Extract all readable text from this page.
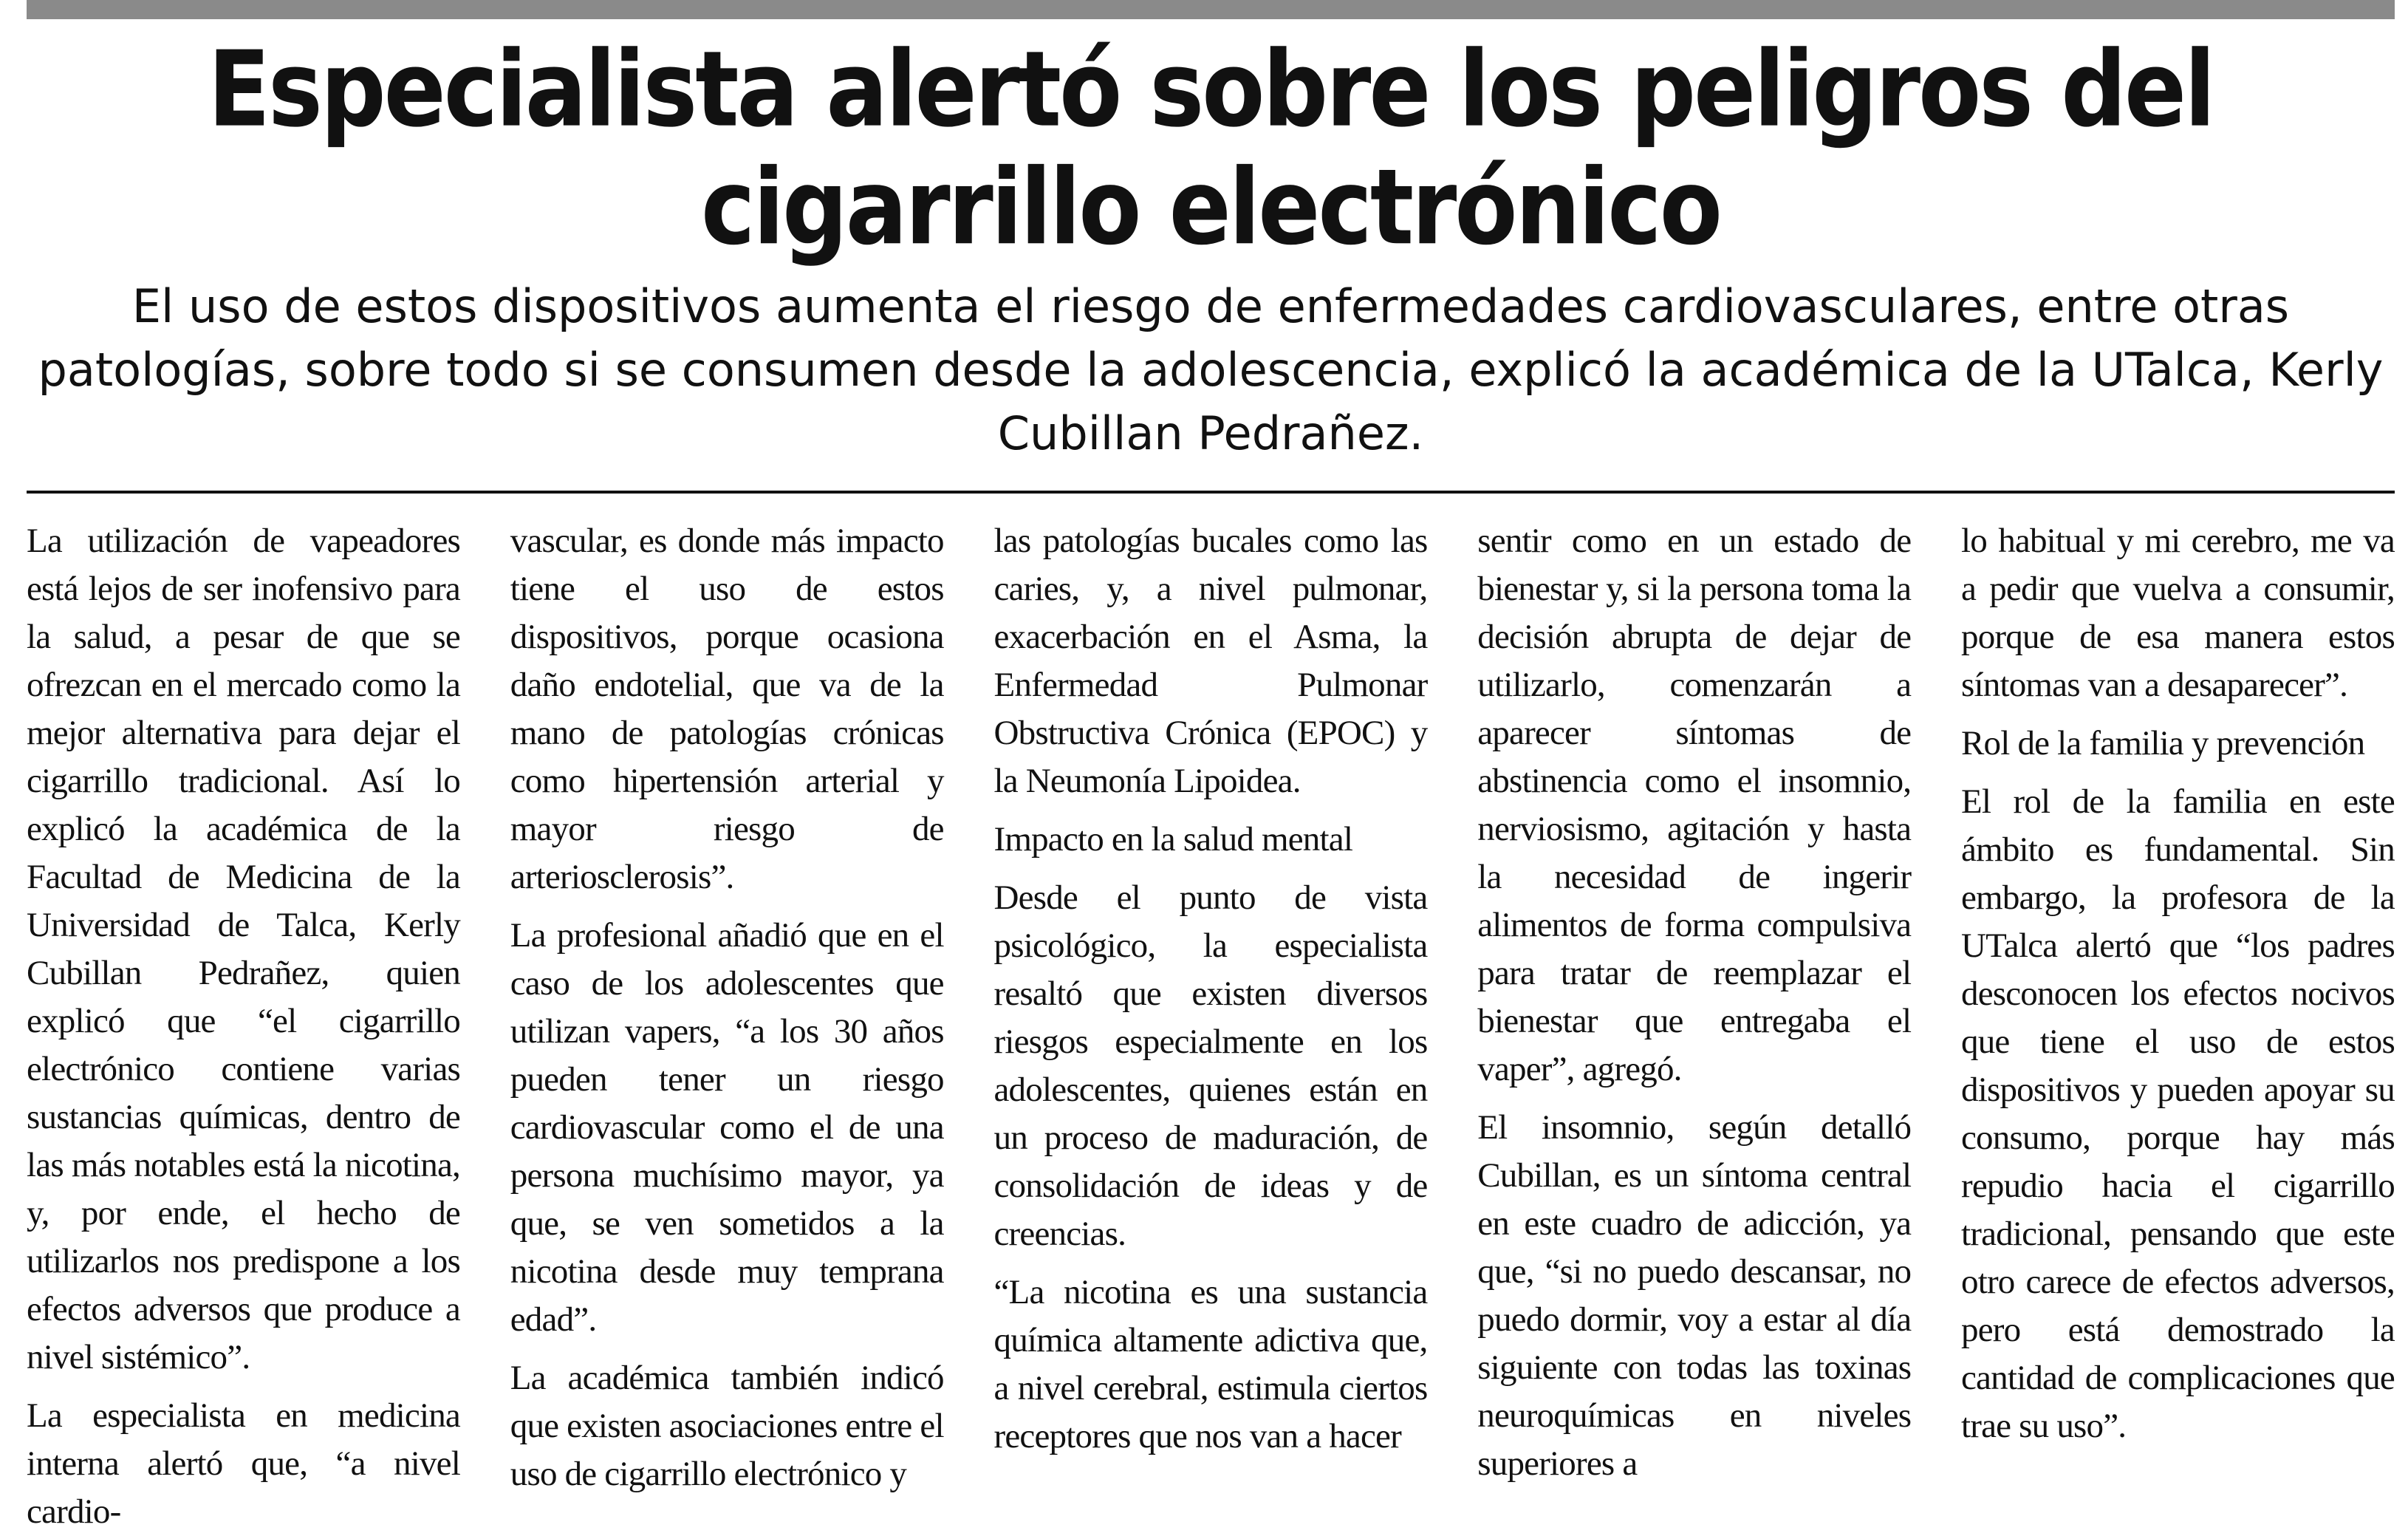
Especialista alertó sobre los peligros del cigarrillo electrónico

El uso de estos dispositivos aumenta el riesgo de enfermedades cardiovasculares, entre otras patologías, sobre todo si se consumen desde la adolescencia, explicó la académica de la UTalca, Kerly Cubillan Pedrañez.

La utilización de vapeadores está lejos de ser inofensivo para la salud, a pesar de que se ofrezcan en el mercado como la mejor alternativa para dejar el cigarrillo tradicional. Así lo explicó la académica de la Facultad de Medicina de la Universidad de Talca, Kerly Cubillan Pedrañez, quien explicó que “el cigarrillo electrónico contiene varias sustancias químicas, dentro de las más notables está la nicotina, y, por ende, el hecho de utilizarlos nos predispone a los efectos adversos que produce a nivel sistémico”.

La especialista en medicina interna alertó que, “a nivel cardio-

vascular, es donde más impacto tiene el uso de estos dispositivos, porque ocasiona daño endotelial, que va de la mano de patologías crónicas como hipertensión arterial y mayor riesgo de arteriosclerosis”.

La profesional añadió que en el caso de los adolescentes que utilizan vapers, “a los 30 años pueden tener un riesgo cardiovascular como el de una persona muchísimo mayor, ya que, se ven sometidos a la nicotina desde muy temprana edad”.

La académica también indicó que existen asociaciones entre el uso de cigarrillo electrónico y

las patologías bucales como las caries, y, a nivel pulmonar, exacerbación en el Asma, la Enfermedad Pulmonar Obstructiva Crónica (EPOC) y la Neumonía Lipoidea.

Impacto en la salud mental

Desde el punto de vista psicológico, la especialista resaltó que existen diversos riesgos especialmente en los adolescentes, quienes están en un proceso de maduración, de consolidación de ideas y de creencias.

“La nicotina es una sustancia química altamente adictiva que, a nivel cerebral, estimula ciertos receptores que nos van a hacer

sentir como en un estado de bienestar y, si la persona toma la decisión abrupta de dejar de utilizarlo, comenzarán a aparecer síntomas de abstinencia como el insomnio, nerviosismo, agitación y hasta la necesidad de ingerir alimentos de forma compulsiva para tratar de reemplazar el bienestar que entregaba el vaper”, agregó.

El insomnio, según detalló Cubillan, es un síntoma central en este cuadro de adicción, ya que, “si no puedo descansar, no puedo dormir, voy a estar al día siguiente con todas las toxinas neuroquímicas en niveles superiores a

lo habitual y mi cerebro, me va a pedir que vuelva a consumir, porque de esa manera estos síntomas van a desaparecer”.

Rol de la familia y prevención

El rol de la familia en este ámbito es fundamental. Sin embargo, la profesora de la UTalca alertó que “los padres desconocen los efectos nocivos que tiene el uso de estos dispositivos y pueden apoyar su consumo, porque hay más repudio hacia el cigarrillo tradicional, pensando que este otro carece de efectos adversos, pero está demostrado la cantidad de complicaciones que trae su uso”.
